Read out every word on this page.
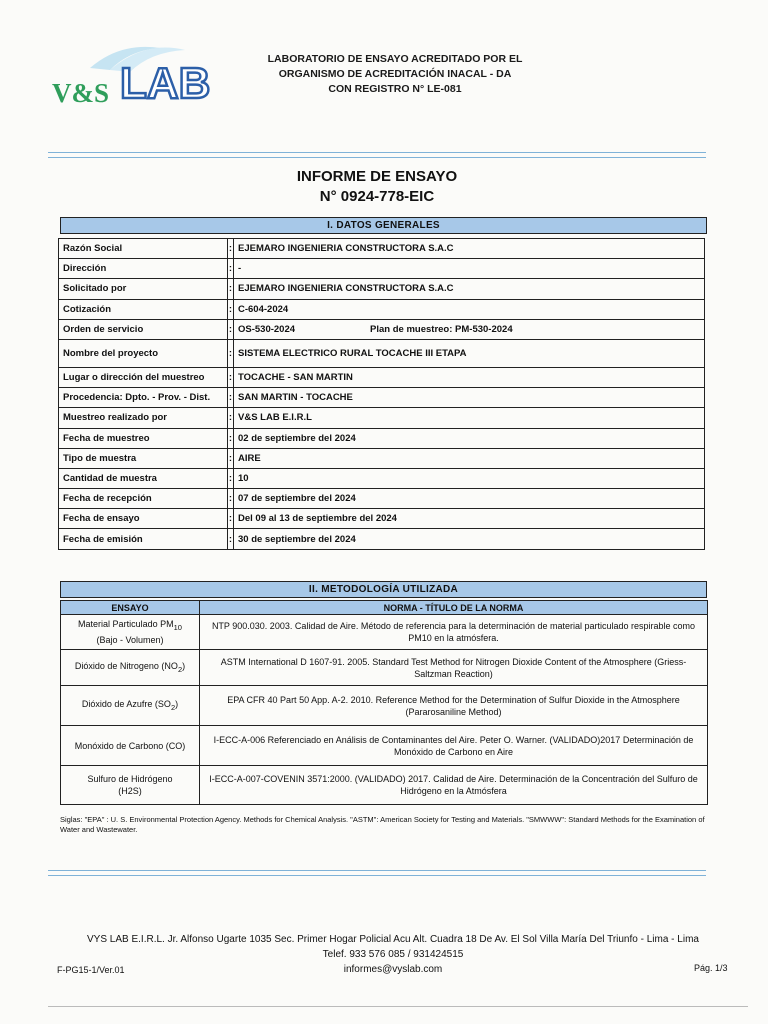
V&S LAB	LABORATORIO DE ENSAYO ACREDITADO POR EL
ORGANISMO DE ACREDITACIÓN INACAL - DA
CON REGISTRO N° LE-081
INFORME DE ENSAYO
N° 0924-778-EIC
I. DATOS GENERALES
Razón Social	:	EJEMARO INGENIERIA CONSTRUCTORA S.A.C
Dirección	:	-
Solicitado por	:	EJEMARO INGENIERIA CONSTRUCTORA S.A.C
Cotización	:	C-604-2024
Orden de servicio	:	OS-530-2024 Plan de muestreo: PM-530-2024
Nombre del proyecto	:	SISTEMA ELECTRICO RURAL TOCACHE III ETAPA
Lugar o dirección del muestreo	:	TOCACHE - SAN MARTIN
Procedencia: Dpto. - Prov. - Dist.	:	SAN MARTIN - TOCACHE
Muestreo realizado por	:	V&S LAB E.I.R.L
Fecha de muestreo	:	02 de septiembre del 2024
Tipo de muestra	:	AIRE
Cantidad de muestra	:	10
Fecha de recepción	:	07 de septiembre del 2024
Fecha de ensayo	:	Del 09 al 13 de septiembre del 2024
Fecha de emisión	:	30 de septiembre del 2024
II. METODOLOGÍA UTILIZADA
ENSAYO	NORMA - TÍTULO DE LA NORMA
Material Particulado $PM_{10}$
(Bajo - Volumen)	NTP 900.030. 2003. Calidad de Aire. Método de referencia para la determinación de material particulado respirable como PM10 en la atmósfera.
Dióxido de Nitrogeno $(NO_2)$	ASTM International D 1607-91. 2005. Standard Test Method for Nitrogen Dioxide Content of the Atmosphere (Griess-Saltzman Reaction)
Dióxido de Azufre $(SO_2)$	EPA CFR 40 Part 50 App. A-2. 2010. Reference Method for the Determination of Sulfur Dioxide in the Atmosphere (Pararosaniline Method)
Monóxido de Carbono (CO)	I-ECC-A-006 Referenciado en Análisis de Contaminantes del Aire. Peter O. Warner. (VALIDADO)2017 Determinación de Monóxido de Carbono en Aire
Sulfuro de Hidrógeno
(H2S)	I-ECC-A-007-COVENIN 3571:2000. (VALIDADO) 2017. Calidad de Aire. Determinación de la Concentración del Sulfuro de Hidrógeno en la Atmósfera
Siglas: "EPA" : U. S. Environmental Protection Agency. Methods for Chemical Analysis. "ASTM": American Society for Testing and Materials. "SMWWW": Standard Methods for the Examination of Water and Wastewater.
VYS LAB E.I.R.L. Jr. Alfonso Ugarte 1035 Sec. Primer Hogar Policial Acu Alt. Cuadra 18 De Av. El Sol Villa María Del Triunfo - Lima - Lima
Telef. 933 576 085 / 931424515
informes@vyslab.com
F-PG15-1/Ver.01	Pág. 1/3
